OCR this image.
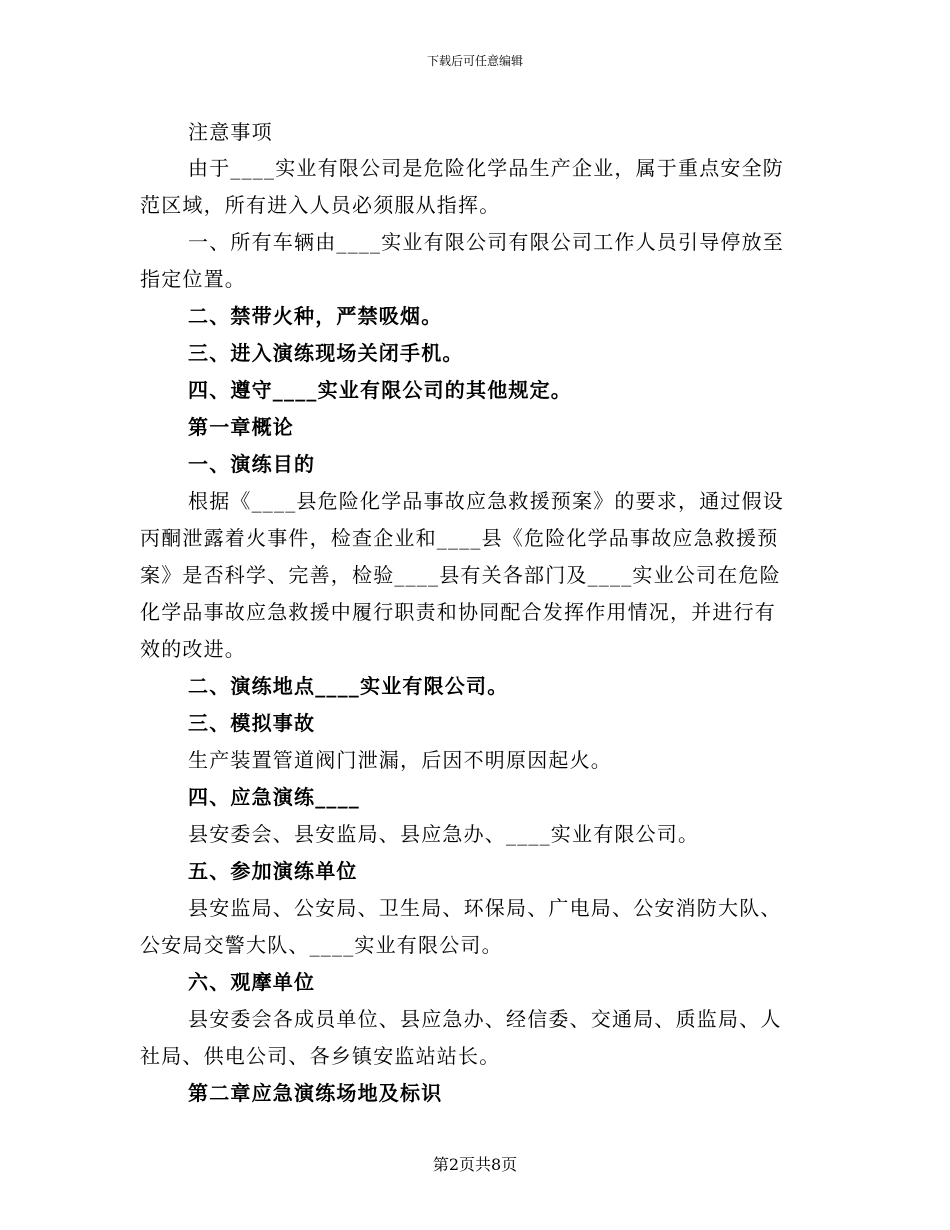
下载后可任意编辑
注意事项
由于____实业有限公司是危险化学品生产企业，属于重点安全防
范区域，所有进入人员必须服从指挥。
一、所有车辆由____实业有限公司有限公司工作人员引导停放至
指定位置。
二、禁带火种，严禁吸烟。
三、进入演练现场关闭手机。
四、遵守____实业有限公司的其他规定。
第一章概论
一、演练目的
根据《____县危险化学品事故应急救援预案》的要求，通过假设
丙酮泄露着火事件，检查企业和____县《危险化学品事故应急救援预
案》是否科学、完善，检验____县有关各部门及____实业公司在危险
化学品事故应急救援中履行职责和协同配合发挥作用情况，并进行有
效的改进。
二、演练地点____实业有限公司。
三、模拟事故
生产装置管道阀门泄漏，后因不明原因起火。
四、应急演练____
县安委会、县安监局、县应急办、____实业有限公司。
五、参加演练单位
县安监局、公安局、卫生局、环保局、广电局、公安消防大队、
公安局交警大队、____实业有限公司。
六、观摩单位
县安委会各成员单位、县应急办、经信委、交通局、质监局、人
社局、供电公司、各乡镇安监站站长。
第二章应急演练场地及标识
第2页共8页
